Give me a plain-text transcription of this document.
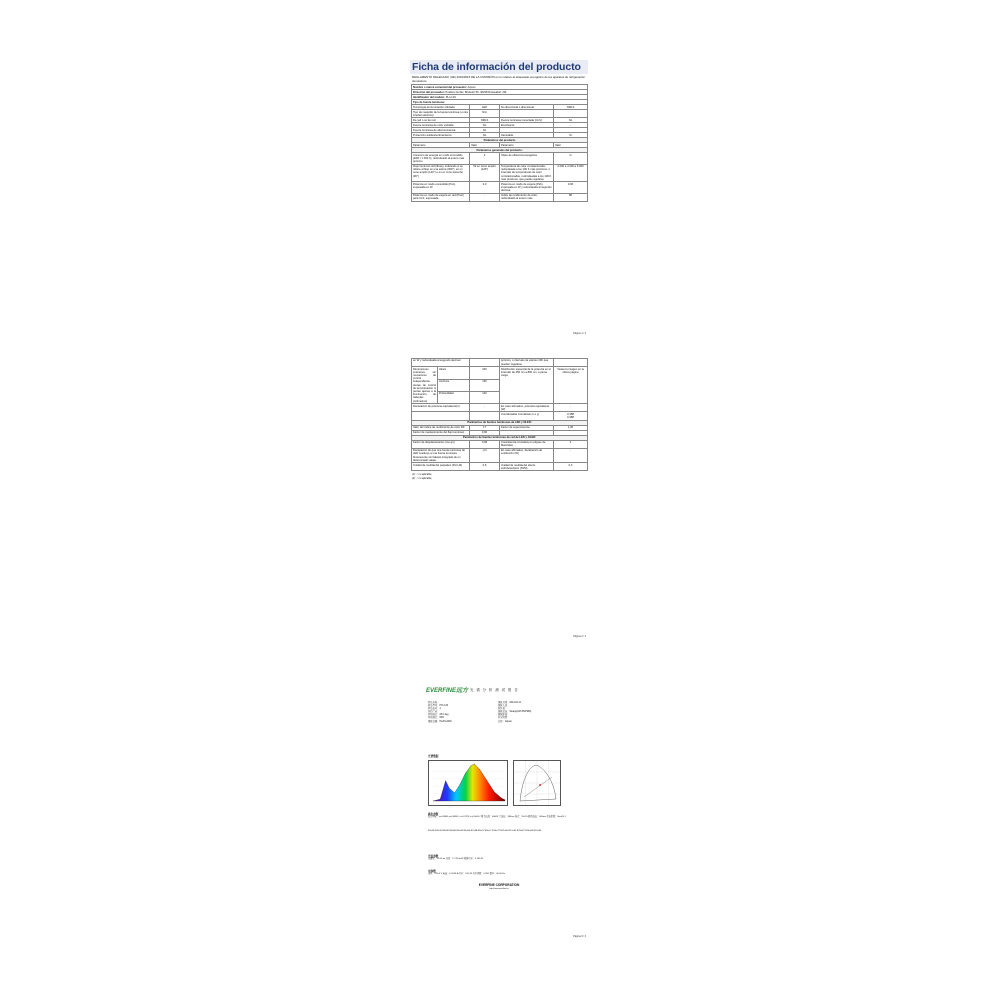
Ficha de información del producto
REGLAMENTO DELEGADO (UE) 2019/2015 DE LA COMISIÓN en lo relativo al etiquetado energético de los aparatos de refrigeración domésticos
Nombre o marca comercial del proveedor: Aipsun			
Dirección del proveedor: Positive GmbH, Breitestr 56, 40238 Düsseldorf, DE			
Identificador del modelo: PH-2.2S			
Tipo de fuente luminosa:			
Tecnología de iluminación utilizada:	LED	No direccional o direccional:	NMLS
Tipo de casquillo de la fuente luminosa (u otra interfaz eléctrica)	N/A		
De red o no de red:	NMLS	Fuente luminosa conectada (CLS):	No
Fuente luminosa de color variable:	No	Envolvente:	-
Fuente luminosa de alta luminancia:	No		
Protección antideslumbramiento:	No	Atenuable:	Sí
Parámetros del producto			
Parámetro	Valor	Parámetro	Valor
Parámetros generales del producto:			
Consumo de energía en modo encendido (kWh / 1 000 h), redondeado al entero más próximo	3	Clase de eficiencia energética	G
Flujo luminoso útil (Φuse), indicando si se refiere al flujo en una esfera (360°), en un cono amplio (120°) o en un cono estrecho (90°)	52 en Cono amplio (120°)	Temperatura de color correlacionada, redondeada a los 100 K más próximos, o intervalo de temperaturas de color correlacionadas, redondeadas a los 100 K más próximos, que puede regularse	2 000 a 4 000 a 6 000
Potencia en modo encendido (Pon), expresada en W	3,0	Potencia en modo de espera (Psb), expresada en W y redondeada al segundo decimal	0,00
Potencia en modo de espera en red (Pnet) para CLS, expresada	-	Índice de rendimiento de color, redondeado al entero más	85
Página 1 / 3
en W y redondeada al segundo decimal			próximo, o intervalo de valores CRI que pueden regularse	
Dimensiones exteriores sin mecanismo de control independiente, piezas de control de la iluminación ni piezas ajenas a la iluminación, de haberlas (milímetros)	Altura	320	Distribución espectral de la potencia en el intervalo de 250 nm a 800 nm, a plena carga	Véase la imagen en la última página
	Anchura	130		
	Profundidad	140		
Declaración de potencia equivalente(1)		-	En caso afirmativo, potencia equivalente (W)	-
			Coordenadas cromáticas (x e y)	0,388
0,388
Parámetros de fuentes luminosas de LED y OLED:				
Valor del índice de rendimiento de color R9		17	Factor de supervivencia	1,00
Factor de mantenimiento del flujo luminoso		0,90		
Parámetros de fuentes luminosas de red de LED y OLED:				
Factor de desplazamiento (cos φ1)		0,96	Consistencia cromática en elipses de MacAdam	4
Declaración de que una fuente luminosa de LED sustituye a una fuente luminosa fluorescente sin balasto integrado de un determinado vataje.		-(2)	En caso afirmativo, declaración de sustitución (W)	-
Unidad de medida del parpadeo (Pst LM)		0,5	Unidad de medida del efecto estroboscópico (SVM)	0,3
(1) '-': no aplicable;
(2) '-': no aplicable;
Página 2 / 3
EVERFINE远方 光 谱 分 析 测 试 报 告
样品名称：
样品型号：PH-2.2S
样品编号：4
制造厂商：
环境温度：25.0 deg
环境湿度：65%
测试仪器：HAAS-2000
测试日期：2023-02-11
测试人员：
检验员：
测试状态：Steady(with BVP980)
测试距离：
积分时间：
品牌：Aipsun
光谱数据
颜色参数
色品坐标：x=0.3880 y=0.3880 / u'=0.2223 v'=0.5000 / 相关色温：4000K 主波长：583nm 纯度：35.4% 峰值波长：608nm 显色指数：Ra=85.1
R1=86 R2=90 R3=86 R4=86 R5=85 R6=84 R7=88 R8=73 R9=17 R10=72 R11=85 R12=62 R13=87 R14=96 R15=80
光度参数
光通量：52.00 lm 光效：17.33 lm/W 辐射功率：0.183 W
电参数
电压：230.0 V 电流：0.0138 A 功率：3.00 W 功率因数：0.950 频率：50.00 Hz
EVERFINE CORPORATION
http://www.everfine.cn
Página 3 / 3
